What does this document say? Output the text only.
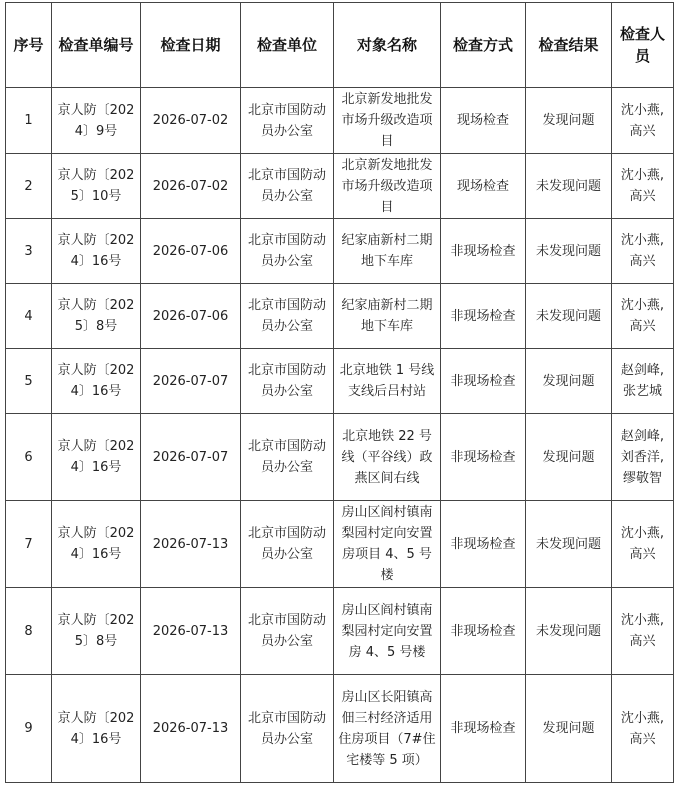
序号	检查单编号	检查日期	检查单位	对象名称	检查方式	检查结果	检查人员
1	京人防〔2024〕9号	2026-07-02	北京市国防动员办公室	北京新发地批发市场升级改造项目	现场检查	发现问题	沈小燕,高兴
2	京人防〔2025〕10号	2026-07-02	北京市国防动员办公室	北京新发地批发市场升级改造项目	现场检查	未发现问题	沈小燕,高兴
3	京人防〔2024〕16号	2026-07-06	北京市国防动员办公室	纪家庙新村二期地下车库	非现场检查	未发现问题	沈小燕,高兴
4	京人防〔2025〕8号	2026-07-06	北京市国防动员办公室	纪家庙新村二期地下车库	非现场检查	未发现问题	沈小燕,高兴
5	京人防〔2024〕16号	2026-07-07	北京市国防动员办公室	北京地铁 1 号线支线后吕村站	非现场检查	发现问题	赵剑峰,张艺城
6	京人防〔2024〕16号	2026-07-07	北京市国防动员办公室	北京地铁 22 号线（平谷线）政燕区间右线	非现场检查	发现问题	赵剑峰,刘香洋,缪敬智
7	京人防〔2024〕16号	2026-07-13	北京市国防动员办公室	房山区阎村镇南梨园村定向安置房项目 4、5 号楼	非现场检查	未发现问题	沈小燕,高兴
8	京人防〔2025〕8号	2026-07-13	北京市国防动员办公室	房山区阎村镇南梨园村定向安置房 4、5 号楼	非现场检查	未发现问题	沈小燕,高兴
9	京人防〔2024〕16号	2026-07-13	北京市国防动员办公室	房山区长阳镇高佃三村经济适用住房项目（7#住宅楼等 5 项）	非现场检查	发现问题	沈小燕,高兴
